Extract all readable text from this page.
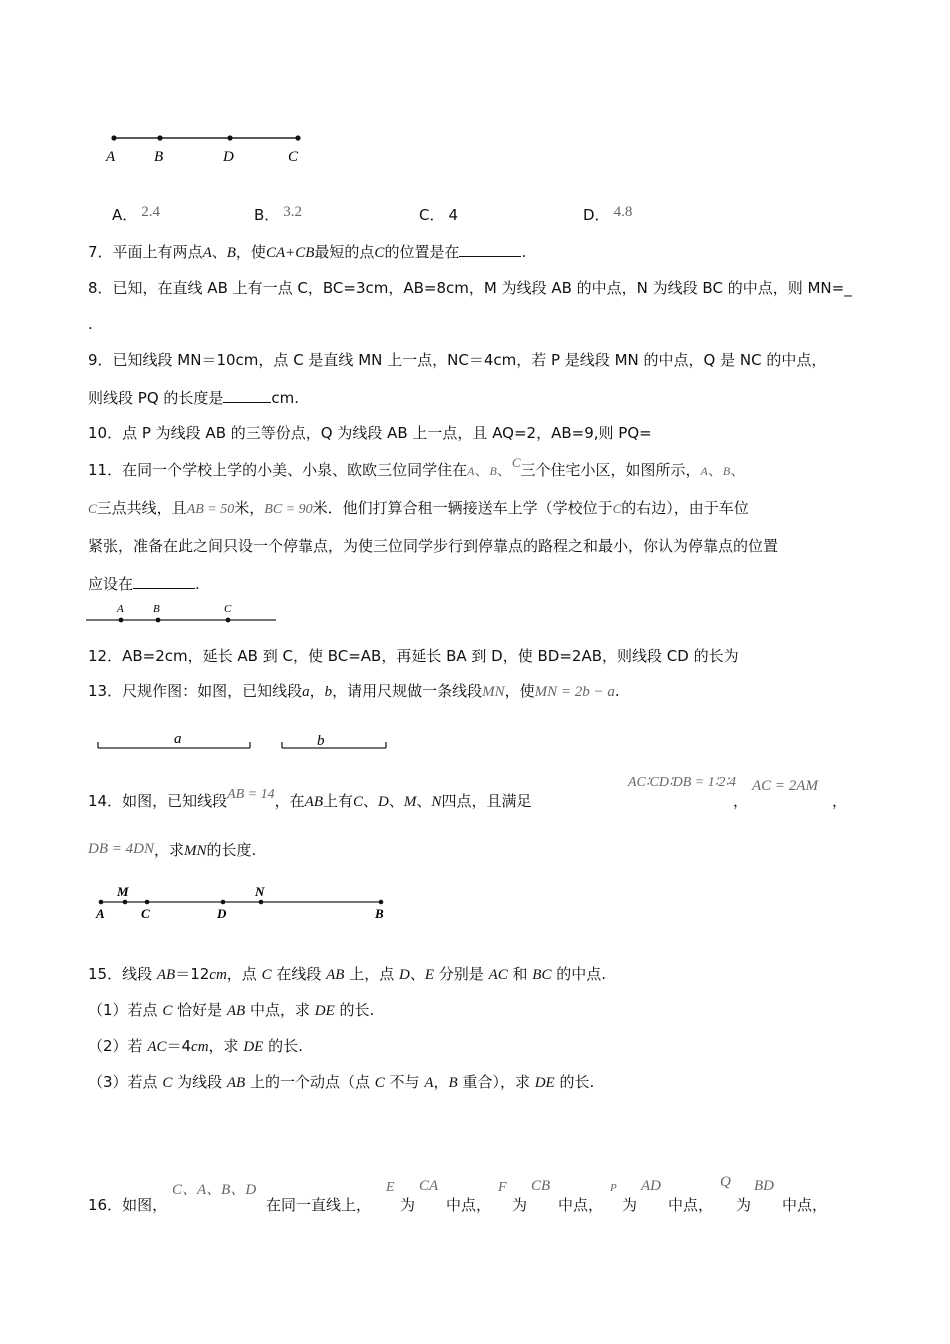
A	B	D	C
A． 2.4	B． 3.2	C． 4	D． 4.8
7．平面上有两点A、B，使CA+CB最短的点C的位置是在	.
8．已知，在直线 AB 上有一点 C，BC=3cm，AB=8cm，M 为线段 AB 的中点，N 为线段 BC 的中点，则 MN=_
.
9．已知线段 MN＝10cm，点 C 是直线 MN 上一点，NC＝4cm，若 P 是线段 MN 的中点，Q 是 NC 的中点，
则线段 PQ 的长度是	cm.
10．点 P 为线段 AB 的三等份点，Q 为线段 AB 上一点，且 AQ=2，AB=9,则 PQ=
11．在同一个学校上学的小美、小泉、欧欧三位同学住在A、B、C三个住宅小区，如图所示，A、B、
C三点共线，且AB = 50米，BC = 90米．他们打算合租一辆接送车上学（学校位于C的右边），由于车位
紧张，准备在此之间只设一个停靠点，为使三位同学步行到停靠点的路程之和最小，你认为停靠点的位置
应设在	.
A	B	C
12．AB=2cm，延长 AB 到 C，使 BC=AB，再延长 BA 到 D，使 BD=2AB，则线段 CD 的长为
13．尺规作图：如图，已知线段a，b，请用尺规做一条线段MN，使MN = 2b − a.
a	b
14．如图，已知线段AB = 14，在AB上有C、D、M、N四点，且满足
AC∶CD∶DB = 1∶2∶4
，
AC = 2AM
，
DB = 4DN，求MN的长度.
A
M
C	D
N
B
15．线段 AB＝12cm，点 C 在线段 AB 上，点 D、E 分别是 AC 和 BC 的中点.
（1）若点 C 恰好是 AB 中点，求 DE 的长.
（2）若 AC＝4cm，求 DE 的长.
（3）若点 C 为线段 AB 上的一个动点（点 C 不与 A，B 重合），求 DE 的长.
16．如图，
C、A、B、D
在同一直线上，
E
为
CA
中点，
F
为
CB
中点，
P
为
AD
中点，
Q
为
BD
中点，
